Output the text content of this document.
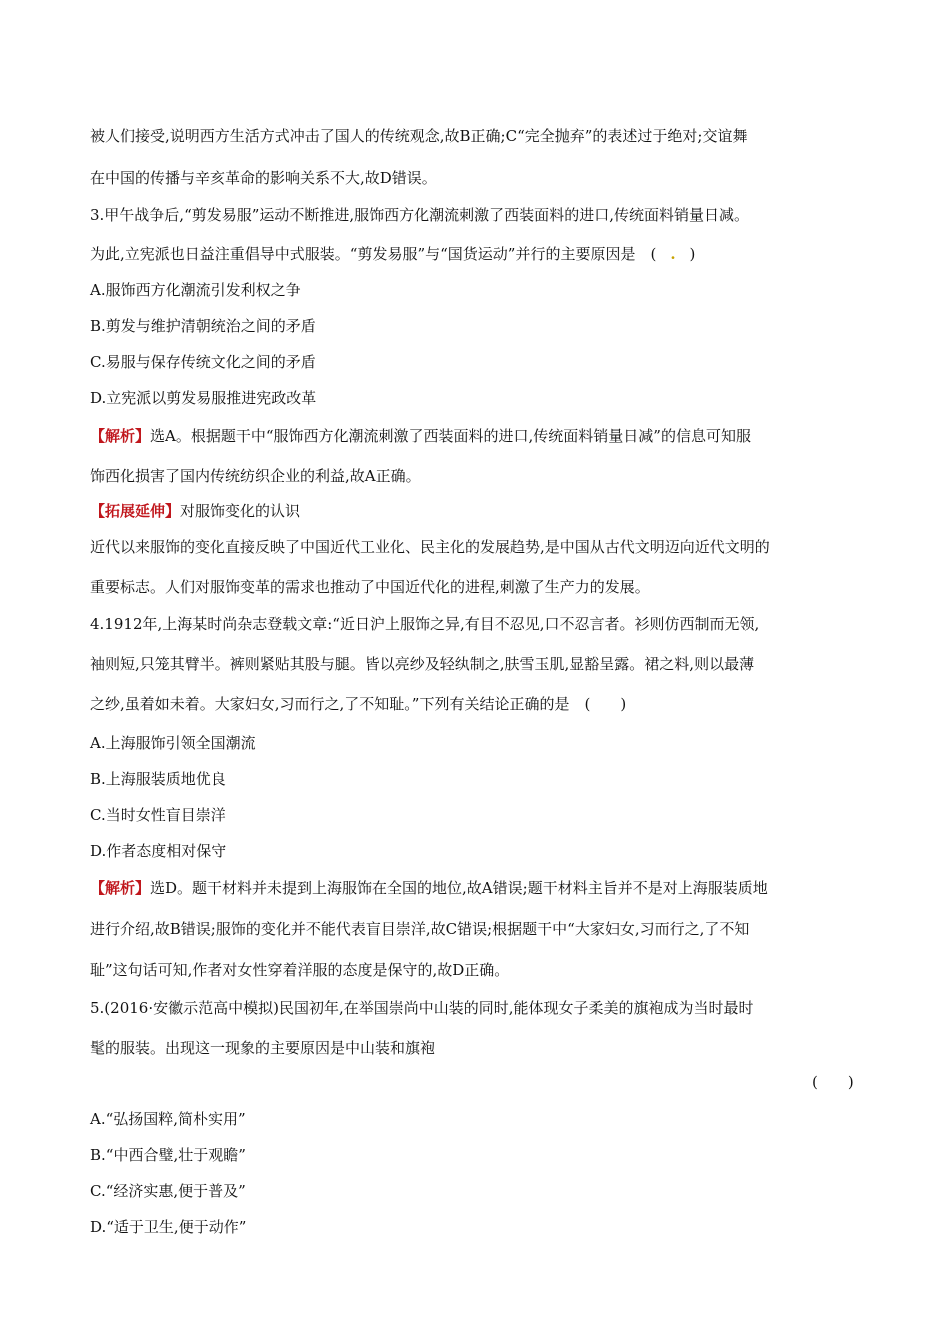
被人们接受,说明西方生活方式冲击了国人的传统观念,故B正确;C“完全抛弃”的表述过于绝对;交谊舞
在中国的传播与辛亥革命的影响关系不大,故D错误。
3.甲午战争后,“剪发易服”运动不断推进,服饰西方化潮流刺激了西装面料的进口,传统面料销量日减。
为此,立宪派也日益注重倡导中式服装。“剪发易服”与“国货运动”并行的主要原因是　( . )
A.服饰西方化潮流引发利权之争
B.剪发与维护清朝统治之间的矛盾
C.易服与保存传统文化之间的矛盾
D.立宪派以剪发易服推进宪政改革
【解析】选A。根据题干中“服饰西方化潮流刺激了西装面料的进口,传统面料销量日减”的信息可知服
饰西化损害了国内传统纺织企业的利益,故A正确。
【拓展延伸】对服饰变化的认识
近代以来服饰的变化直接反映了中国近代工业化、民主化的发展趋势,是中国从古代文明迈向近代文明的
重要标志。人们对服饰变革的需求也推动了中国近代化的进程,刺激了生产力的发展。
4.1912年,上海某时尚杂志登载文章:“近日沪上服饰之异,有目不忍见,口不忍言者。衫则仿西制而无领,
袖则短,只笼其臂半。裤则紧贴其股与腿。皆以亮纱及轻纨制之,肤雪玉肌,显豁呈露。裙之料,则以最薄
之纱,虽着如未着。大家妇女,习而行之,了不知耻。”下列有关结论正确的是　(　　)
A.上海服饰引领全国潮流
B.上海服装质地优良
C.当时女性盲目崇洋
D.作者态度相对保守
【解析】选D。题干材料并未提到上海服饰在全国的地位,故A错误;题干材料主旨并不是对上海服装质地
进行介绍,故B错误;服饰的变化并不能代表盲目崇洋,故C错误;根据题干中“大家妇女,习而行之,了不知
耻”这句话可知,作者对女性穿着洋服的态度是保守的,故D正确。
5.(2016·安徽示范高中模拟)民国初年,在举国崇尚中山装的同时,能体现女子柔美的旗袍成为当时最时
髦的服装。出现这一现象的主要原因是中山装和旗袍
(　　)
A.“弘扬国粹,简朴实用”
B.“中西合璧,壮于观瞻”
C.“经济实惠,便于普及”
D.“适于卫生,便于动作”
